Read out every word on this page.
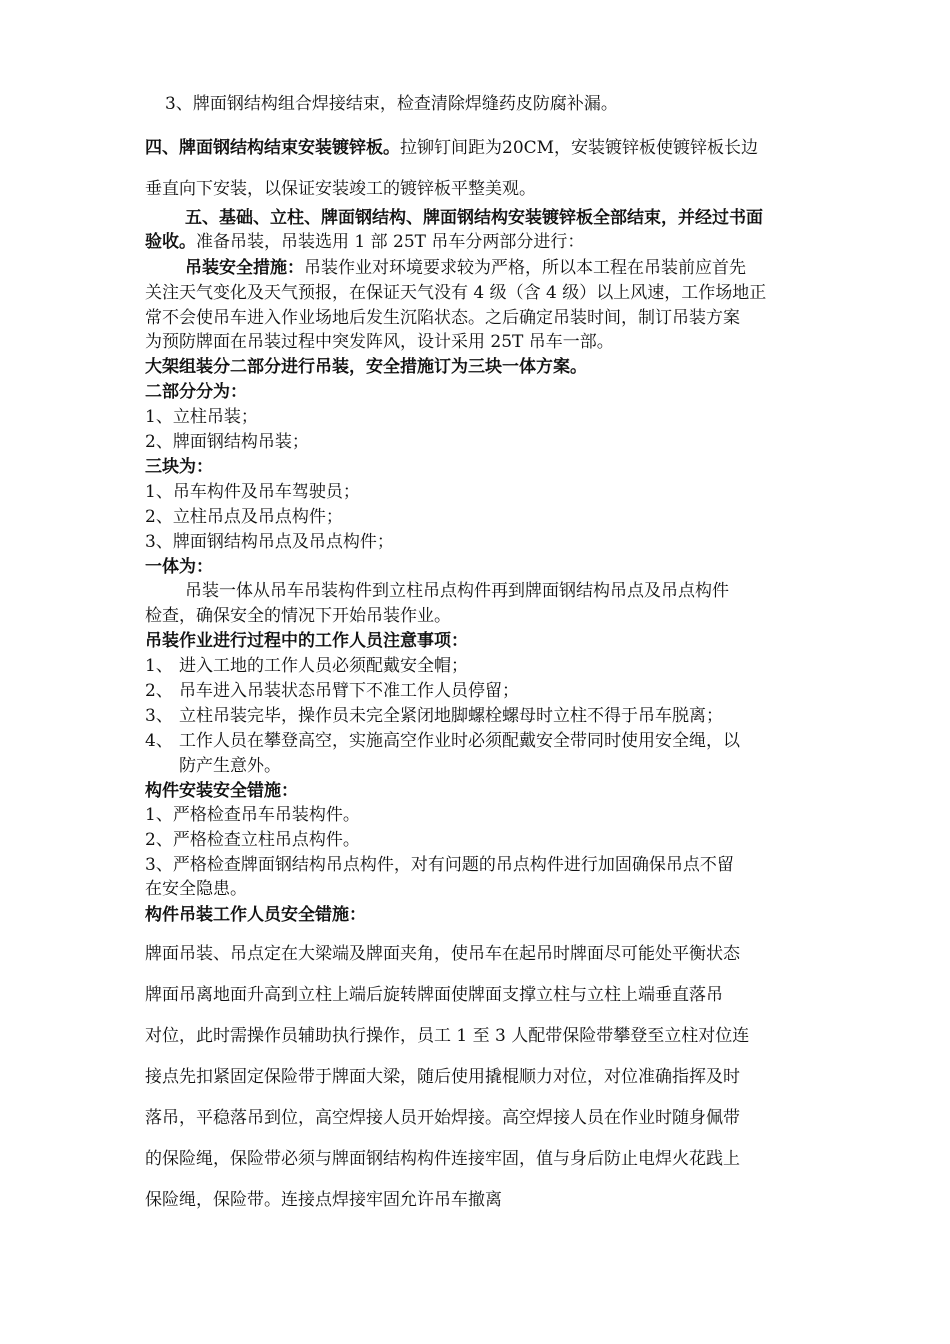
3、牌面钢结构组合焊接结束，检查清除焊缝药皮防腐补漏。
四、牌面钢结构结束安装镀锌板。拉铆钉间距为20CM，安装镀锌板使镀锌板长边
垂直向下安装，以保证安装竣工的镀锌板平整美观。
五、基础、立柱、牌面钢结构、牌面钢结构安装镀锌板全部结束，并经过书面
验收。准备吊装，吊装选用 1 部 25T 吊车分两部分进行：
吊装安全措施：吊装作业对环境要求较为严格，所以本工程在吊装前应首先
关注天气变化及天气预报，在保证天气没有 4 级（含 4 级）以上风速，工作场地正
常不会使吊车进入作业场地后发生沉陷状态。之后确定吊装时间，制订吊装方案
为预防牌面在吊装过程中突发阵风，设计采用 25T 吊车一部。
大架组装分二部分进行吊装，安全措施订为三块一体方案。
二部分分为：
1、立柱吊装；
2、牌面钢结构吊装；
三块为：
1、吊车构件及吊车驾驶员；
2、立柱吊点及吊点构件；
3、牌面钢结构吊点及吊点构件；
一体为：
吊装一体从吊车吊装构件到立柱吊点构件再到牌面钢结构吊点及吊点构件
检查，确保安全的情况下开始吊装作业。
吊装作业进行过程中的工作人员注意事项：
1、 进入工地的工作人员必须配戴安全帽；
2、 吊车进入吊装状态吊臂下不准工作人员停留；
3、 立柱吊装完毕，操作员未完全紧闭地脚螺栓螺母时立柱不得于吊车脱离；
4、 工作人员在攀登高空，实施高空作业时必须配戴安全带同时使用安全绳，以
防产生意外。
构件安装安全错施：
1、严格检查吊车吊装构件。
2、严格检查立柱吊点构件。
3、严格检查牌面钢结构吊点构件，对有问题的吊点构件进行加固确保吊点不留
在安全隐患。
构件吊装工作人员安全错施：
牌面吊装、吊点定在大梁端及牌面夹角，使吊车在起吊时牌面尽可能处平衡状态
牌面吊离地面升高到立柱上端后旋转牌面使牌面支撑立柱与立柱上端垂直落吊
对位，此时需操作员辅助执行操作，员工 1 至 3 人配带保险带攀登至立柱对位连
接点先扣紧固定保险带于牌面大梁，随后使用撬棍顺力对位，对位准确指挥及时
落吊，平稳落吊到位，高空焊接人员开始焊接。高空焊接人员在作业时随身佩带
的保险绳，保险带必须与牌面钢结构构件连接牢固，值与身后防止电焊火花践上
保险绳，保险带。连接点焊接牢固允许吊车撤离
